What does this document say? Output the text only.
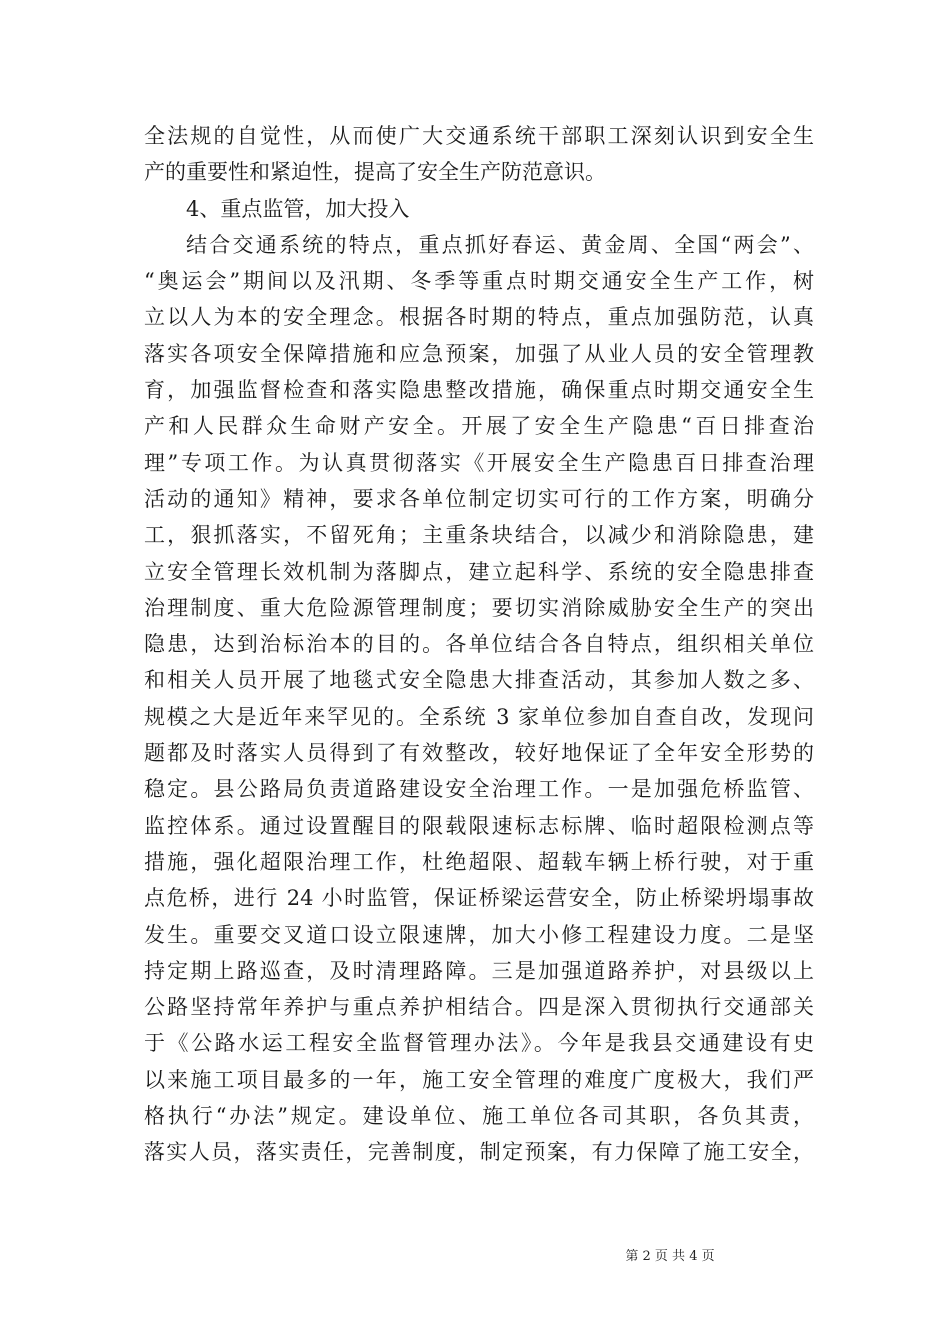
全法规的自觉性，从而使广大交通系统干部职工深刻认识到安全生
产的重要性和紧迫性，提高了安全生产防范意识。
4、重点监管，加大投入
结合交通系统的特点，重点抓好春运、黄金周、全国“两会”、
“奥运会”期间以及汛期、冬季等重点时期交通安全生产工作，树
立以人为本的安全理念。根据各时期的特点，重点加强防范，认真
落实各项安全保障措施和应急预案，加强了从业人员的安全管理教
育，加强监督检查和落实隐患整改措施，确保重点时期交通安全生
产和人民群众生命财产安全。开展了安全生产隐患“百日排查治
理”专项工作。为认真贯彻落实《开展安全生产隐患百日排查治理
活动的通知》精神，要求各单位制定切实可行的工作方案，明确分
工，狠抓落实，不留死角；主重条块结合，以减少和消除隐患，建
立安全管理长效机制为落脚点，建立起科学、系统的安全隐患排查
治理制度、重大危险源管理制度；要切实消除威胁安全生产的突出
隐患，达到治标治本的目的。各单位结合各自特点，组织相关单位
和相关人员开展了地毯式安全隐患大排查活动，其参加人数之多、
规模之大是近年来罕见的。全系统 3 家单位参加自查自改，发现问
题都及时落实人员得到了有效整改，较好地保证了全年安全形势的
稳定。县公路局负责道路建设安全治理工作。一是加强危桥监管、
监控体系。通过设置醒目的限载限速标志标牌、临时超限检测点等
措施，强化超限治理工作，杜绝超限、超载车辆上桥行驶，对于重
点危桥，进行 24 小时监管，保证桥梁运营安全，防止桥梁坍塌事故
发生。重要交叉道口设立限速牌，加大小修工程建设力度。二是坚
持定期上路巡查，及时清理路障。三是加强道路养护，对县级以上
公路坚持常年养护与重点养护相结合。四是深入贯彻执行交通部关
于《公路水运工程安全监督管理办法》。今年是我县交通建设有史
以来施工项目最多的一年，施工安全管理的难度广度极大，我们严
格执行“办法”规定。建设单位、施工单位各司其职，各负其责，
落实人员，落实责任，完善制度，制定预案，有力保障了施工安全，
第 2 页 共 4 页
